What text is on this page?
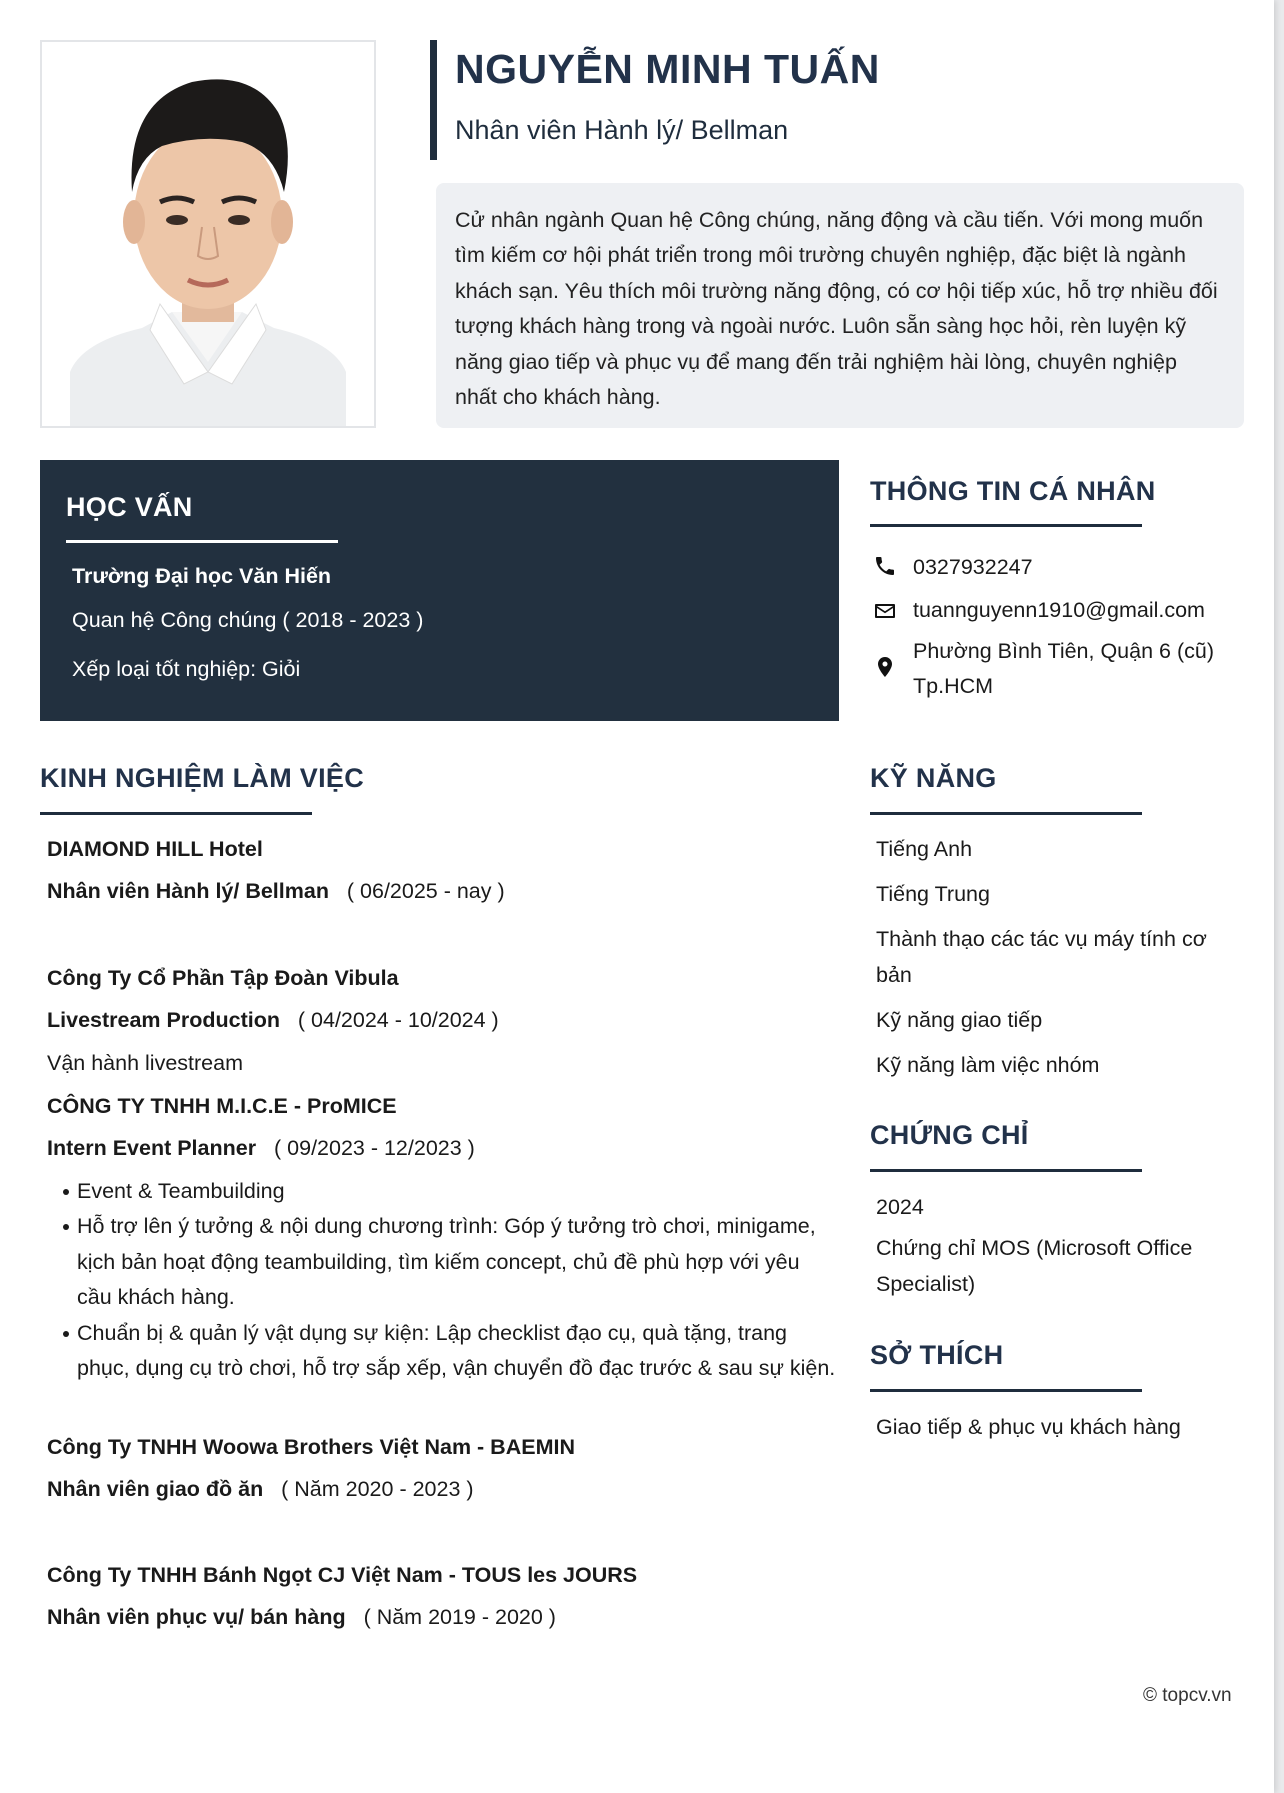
NGUYỄN MINH TUẤN

Nhân viên Hành lý/ Bellman

Cử nhân ngành Quan hệ Công chúng, năng động và cầu tiến. Với mong muốn tìm kiếm cơ hội phát triển trong môi trường chuyên nghiệp, đặc biệt là ngành khách sạn. Yêu thích môi trường năng động, có cơ hội tiếp xúc, hỗ trợ nhiều đối tượng khách hàng trong và ngoài nước. Luôn sẵn sàng học hỏi, rèn luyện kỹ năng giao tiếp và phục vụ để mang đến trải nghiệm hài lòng, chuyên nghiệp nhất cho khách hàng.
HỌC VẤN
Trường Đại học Văn Hiến
Quan hệ Công chúng ( 2018 - 2023 )
Xếp loại tốt nghiệp: Giỏi
THÔNG TIN CÁ NHÂN
0327932247
tuannguyenn1910@gmail.com
Phường Bình Tiên, Quận 6 (cũ)
Tp.HCM
KINH NGHIỆM LÀM VIỆC
DIAMOND HILL Hotel
Nhân viên Hành lý/ Bellman ( 06/2025 - nay )
Công Ty Cổ Phần Tập Đoàn Vibula
Livestream Production ( 04/2024 - 10/2024 )
Vận hành livestream
CÔNG TY TNHH M.I.C.E - ProMICE
Intern Event Planner ( 09/2023 - 12/2023 )
Event & Teambuilding
Hỗ trợ lên ý tưởng & nội dung chương trình: Góp ý tưởng trò chơi, minigame, kịch bản hoạt động teambuilding, tìm kiếm concept, chủ đề phù hợp với yêu cầu khách hàng.
Chuẩn bị & quản lý vật dụng sự kiện: Lập checklist đạo cụ, quà tặng, trang phục, dụng cụ trò chơi, hỗ trợ sắp xếp, vận chuyển đồ đạc trước & sau sự kiện.
Công Ty TNHH Woowa Brothers Việt Nam - BAEMIN
Nhân viên giao đồ ăn ( Năm 2020 - 2023 )
Công Ty TNHH Bánh Ngọt CJ Việt Nam - TOUS les JOURS
Nhân viên phục vụ/ bán hàng ( Năm 2019 - 2020 )
KỸ NĂNG
Tiếng Anh
Tiếng Trung
Thành thạo các tác vụ máy tính cơ bản
Kỹ năng giao tiếp
Kỹ năng làm việc nhóm
CHỨNG CHỈ
2024
Chứng chỉ MOS (Microsoft Office Specialist)
SỞ THÍCH
Giao tiếp & phục vụ khách hàng
© topcv.vn
